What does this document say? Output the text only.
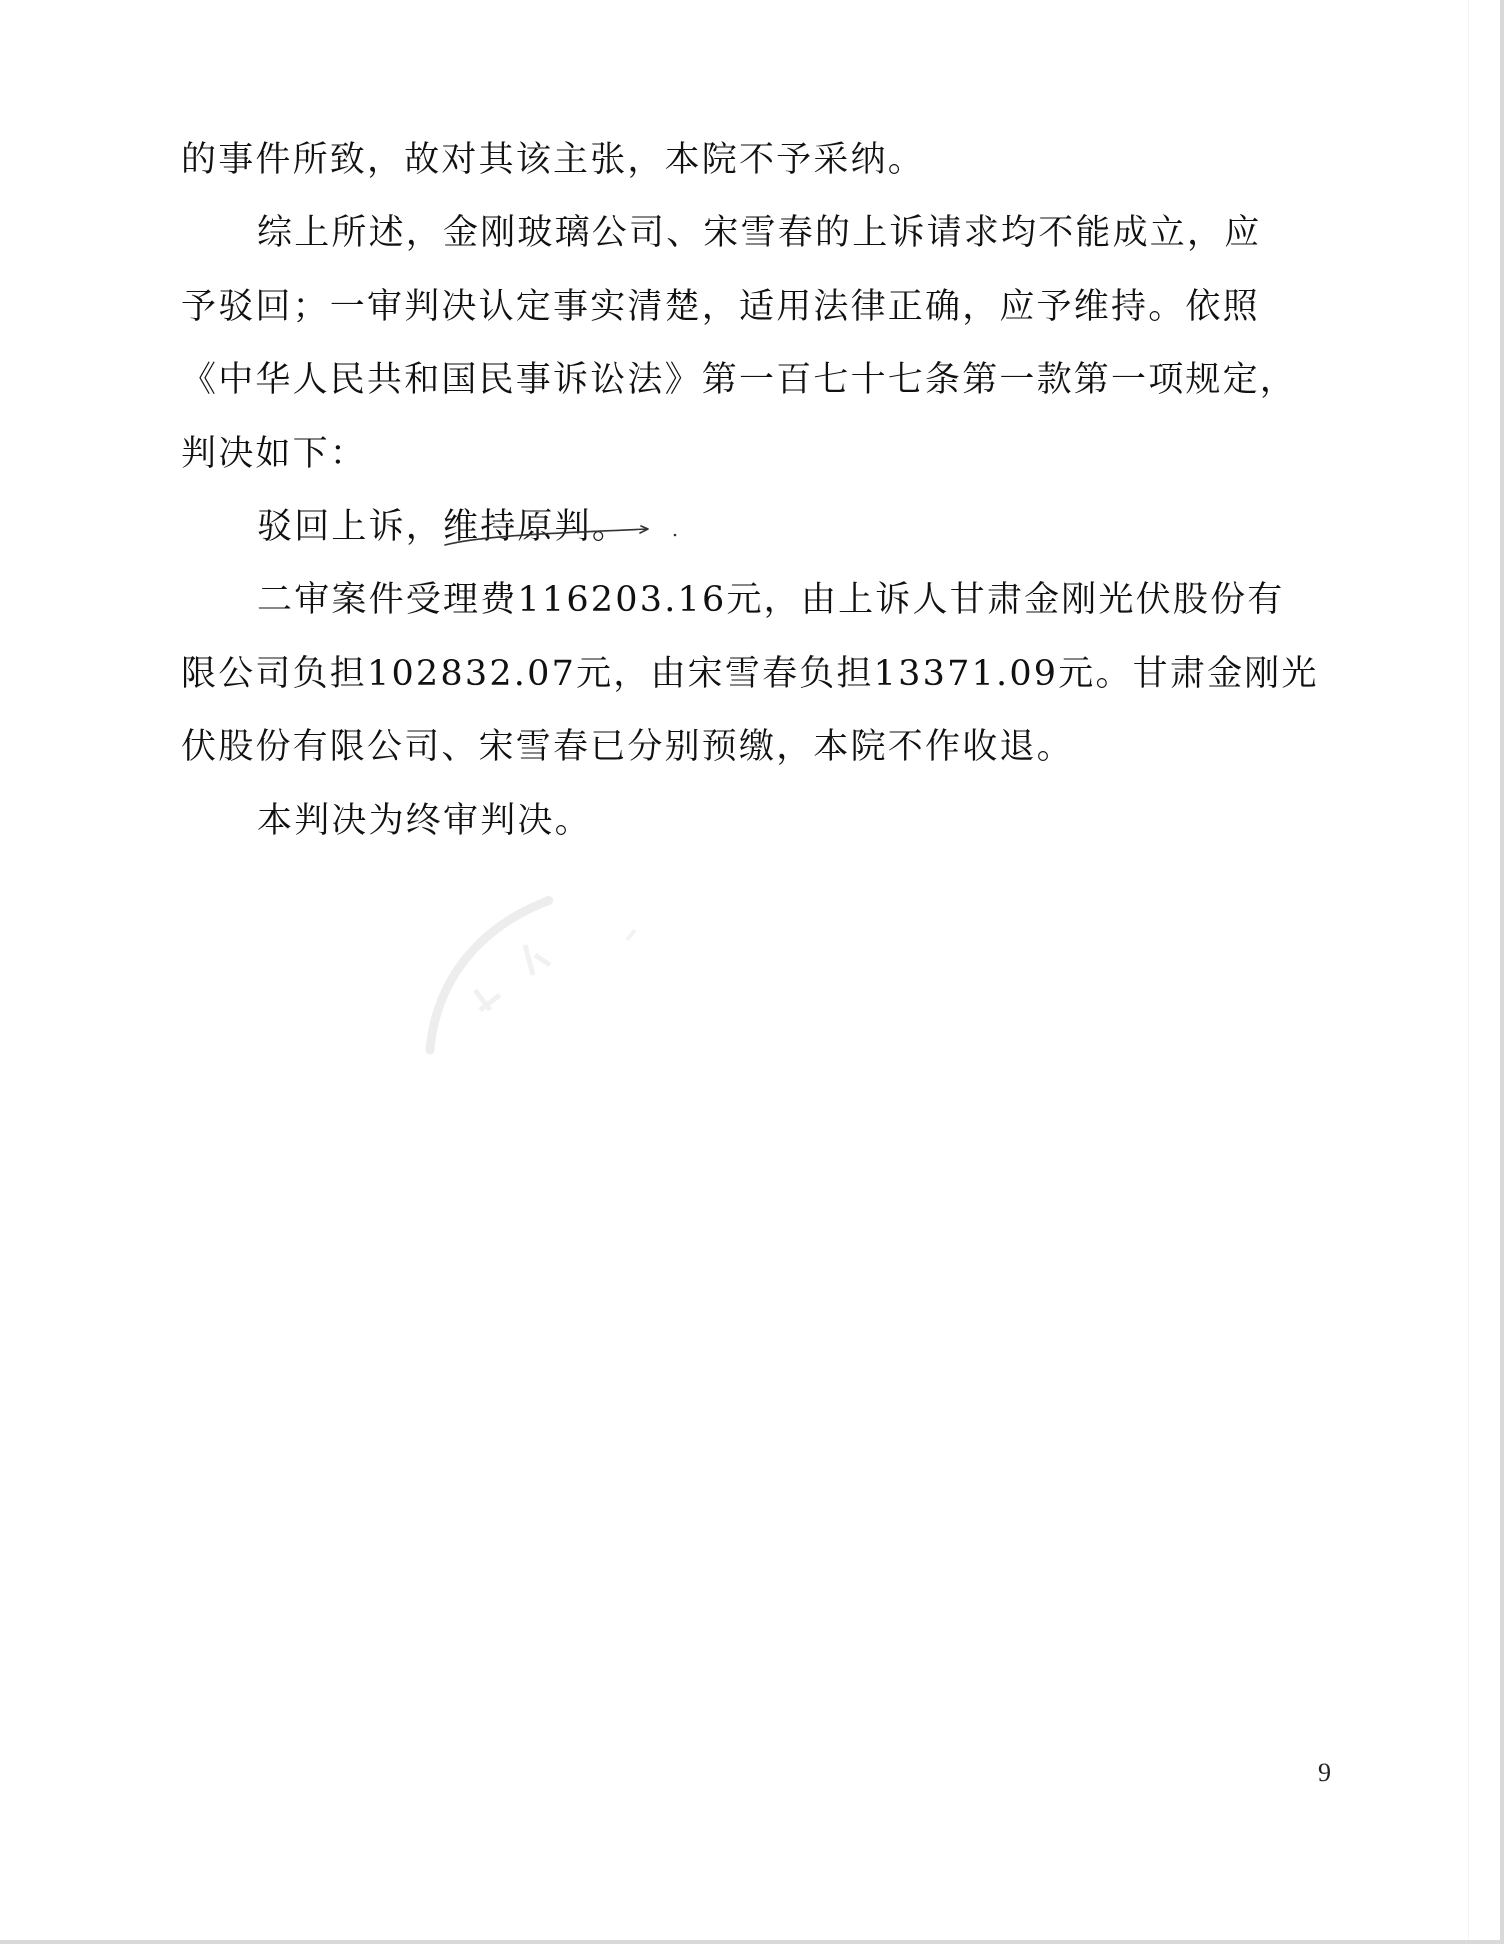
的事件所致，故对其该主张，本院不予采纳。
综上所述，金刚玻璃公司、宋雪春的上诉请求均不能成立，应
予驳回；一审判决认定事实清楚，适用法律正确，应予维持。依照
《中华人民共和国民事诉讼法》第一百七十七条第一款第一项规定，
判决如下：
驳回上诉，维持原判。
二审案件受理费116203.16元，由上诉人甘肃金刚光伏股份有
限公司负担102832.07元，由宋雪春负担13371.09元。甘肃金刚光
伏股份有限公司、宋雪春已分别预缴，本院不作收退。
本判决为终审判决。
9
